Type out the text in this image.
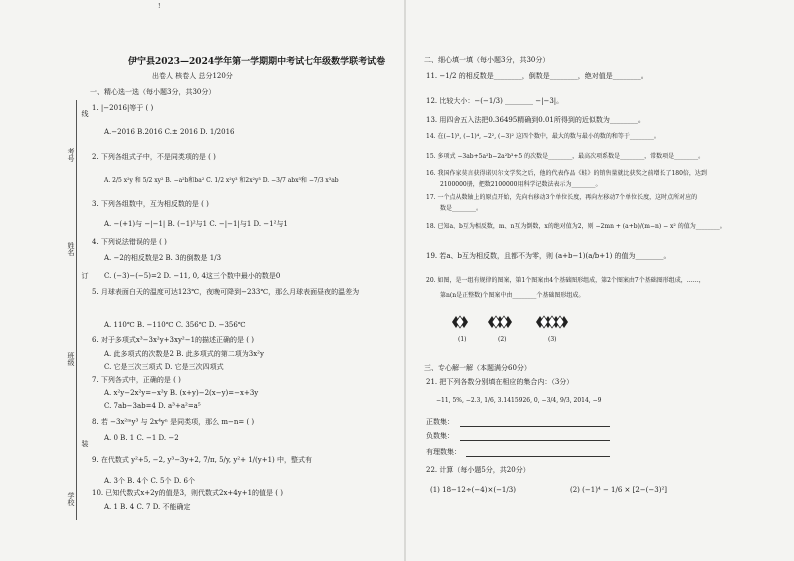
!
考号
线
姓名
订
班级
装
学校
伊宁县2023—2024学年第一学期期中考试七年级数学联考试卷
出卷人 核卷人 总分120分
一、精心选一选（每小题3分，共30分）
1. |−2016|等于 ( )
A.−2016 B.2016 C.± 2016 D. 1/2016
2. 下列各组式子中，不是同类项的是 ( )
A. 2/5 x²y 和 5/2 xy² B. −a²b和ba² C. 1/2 x²y³ 和2x²y³ D. −3/7 abx³和 −7/3 x³ab
3. 下列各组数中，互为相反数的是 ( )
A. −(+1)与 −|−1| B. (−1)²与1 C. −|−1|与1 D. −1²与1
4. 下列说法错误的是 ( )
A. −2的相反数是2 B. 3的倒数是 1/3
C. (−3)−(−5)=2 D. −11, 0, 4这三个数中最小的数是0
5. 月球表面白天的温度可达123℃，夜晚可降到−233℃，那么月球表面昼夜的温差为
A. 110℃ B. −110℃ C. 356℃ D. −356℃
6. 对于多项式x³−3x²y+3xy²−1的描述正确的是 ( )
A. 此多项式的次数是2 B. 此多项式的第二项为3x²y
C. 它是三次三项式 D. 它是三次四项式
7. 下列各式中，正确的是 ( )
A. x²y−2x²y=−x²y B. (x+y)−2(x−y)=−x+3y
C. 7ab−3ab=4 D. a³+a²=a⁵
8. 若 −3x²ᵐy³ 与 2x⁴yⁿ 是同类项，那么 m−n= ( )
A. 0 B. 1 C. −1 D. −2
9. 在代数式 y²+5, −2, y³−3y+2, 7/π, 5/y, y²+ 1/(y+1) 中，整式有
A. 3个 B. 4个 C. 5个 D. 6个
10. 已知代数式x+2y的值是3，则代数式2x+4y+1的值是 ( )
A. 1 B. 4 C. 7 D. 不能确定
二、细心填一填（每小题3分，共30分）
11. −1/2 的相反数是________，倒数是________，绝对值是________。
12. 比较大小：−(−1/3) ________ −|−3|。
13. 用四舍五入法把0.36495精确到0.01所得到的近似数为________。
14. 在(−1)³, (−1)⁴, −2², (−3)² 这四个数中，最大的数与最小的数的和等于________。
15. 多项式 −3ab+5a²b−2a²b³+5 的次数是________，最高次项系数是________，常数项是________。
16. 我国作家莫言获得诺贝尔文学奖之后，他的代表作品《蛙》的销售量就比获奖之前增长了180倍，达到
2100000册，把数2100000用科学记数法表示为________。
17. 一个点从数轴上的原点开始，先向右移动3个单位长度，再向左移动7个单位长度，这时点所对应的
数是________。
18. 已知a、b互为相反数，m、n互为倒数，x的绝对值为2，则 −2mn + (a+b)/(m−n) − x² 的值为________。
19. 若a、b互为相反数，且都不为零，则 (a+b−1)(a/b+1) 的值为________。
20. 如图，是一组有规律的图案，第1个图案由4个基础图形组成，第2个图案由7个基础图形组成，……，
第n(n是正整数)个图案中由________个基础图形组成。
(1)	(2)	(3)
三、专心解一解（本题满分60分）
21. 把下列各数分别填在相应的集合内：（3分）
−11, 5%, −2.3, 1/6, 3.1415926, 0, −3/4, 9/3, 2014, −9
正数集：
负数集：
有理数集：
22. 计算（每小题5分，共20分）
(1) 18−12÷(−4)×(−1/3)	(2) (−1)⁴ − 1/6 × [2−(−3)²]
